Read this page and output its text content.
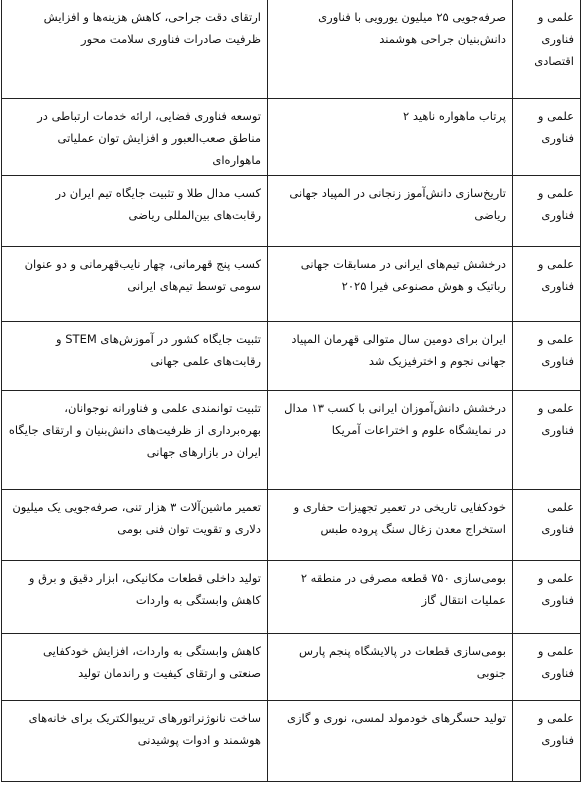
علمی و فناوری اقتصادی	صرفه‌جویی ۲۵ میلیون یورویی با فناوری دانش‌بنیان جراحی هوشمند	ارتقای دقت جراحی، کاهش هزینه‌ها و افزایش ظرفیت صادرات فناوری سلامت محور
علمی و فناوری	پرتاب ماهواره ناهید ۲	توسعه فناوری فضایی، ارائه خدمات ارتباطی در مناطق صعب‌العبور و افزایش توان عملیاتی ماهواره‌ای
علمی و فناوری	تاریخ‌سازی دانش‌آموز زنجانی در المپیاد جهانی ریاضی	کسب مدال طلا و تثبیت جایگاه تیم ایران در رقابت‌های بین‌المللی ریاضی
علمی و فناوری	درخشش تیم‌های ایرانی در مسابقات جهانی رباتیک و هوش مصنوعی فیرا ۲۰۲۵	کسب پنج قهرمانی، چهار نایب‌قهرمانی و دو عنوان سومی توسط تیم‌های ایرانی
علمی و فناوری	ایران برای دومین سال متوالی قهرمان المپیاد جهانی نجوم و اخترفیزیک شد	تثبیت جایگاه کشور در آموزش‌های STEM و رقابت‌های علمی جهانی
علمی و فناوری	درخشش دانش‌آموزان ایرانی با کسب ۱۳ مدال در نمایشگاه علوم و اختراعات آمریکا	تثبیت توانمندی علمی و فناورانه نوجوانان، بهره‌برداری از ظرفیت‌های دانش‌بنیان و ارتقای جایگاه ایران در بازارهای جهانی
علمی فناوری	خودکفایی تاریخی در تعمیر تجهیزات حفاری و استخراج معدن زغال سنگ پروده طبس	تعمیر ماشین‌آلات ۳ هزار تنی، صرفه‌جویی یک میلیون دلاری و تقویت توان فنی بومی
علمی و فناوری	بومی‌سازی ۷۵۰ قطعه مصرفی در منطقه ۲ عملیات انتقال گاز	تولید داخلی قطعات مکانیکی، ابزار دقیق و برق و کاهش وابستگی به واردات
علمی و فناوری	بومی‌سازی قطعات در پالایشگاه پنجم پارس جنوبی	کاهش وابستگی به واردات، افزایش خودکفایی صنعتی و ارتقای کیفیت و راندمان تولید
علمی و فناوری	تولید حسگرهای خودمولد لمسی، نوری و گازی	ساخت نانوژنراتورهای تریبوالکتریک برای خانه‌های هوشمند و ادوات پوشیدنی
